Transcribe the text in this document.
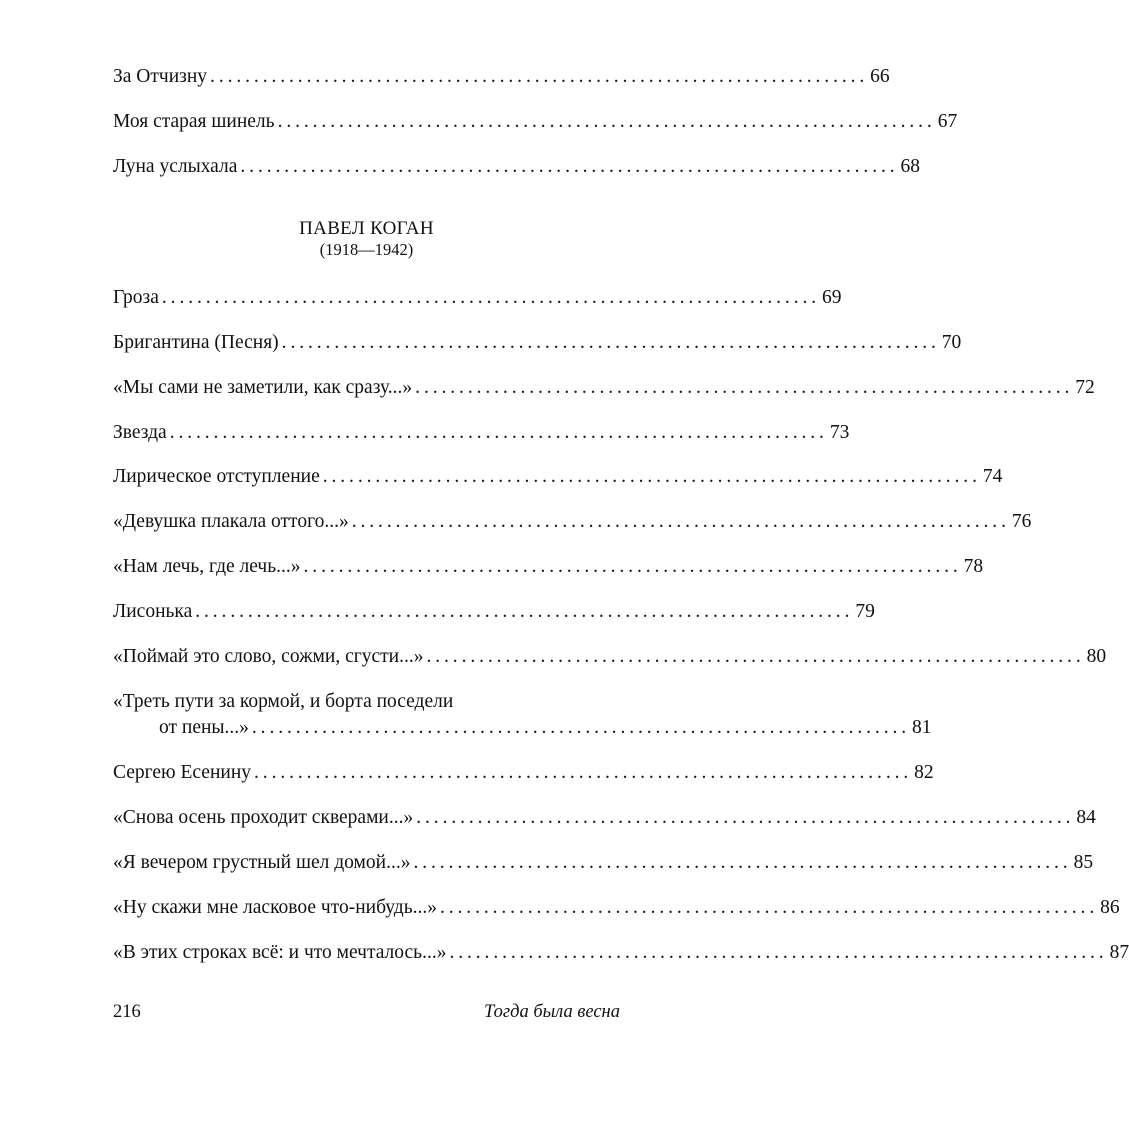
За Отчизну ........................................................................... 66
Моя старая шинель ........................................................................... 67
Луна услыхала ........................................................................... 68
ПАВЕЛ КОГАН
(1918—1942)
Гроза ........................................................................... 69
Бригантина (Песня) ........................................................................... 70
«Мы сами не заметили, как сразу...» ........................................................................... 72
Звезда ........................................................................... 73
Лирическое отступление ........................................................................... 74
«Девушка плакала оттого...» ........................................................................... 76
«Нам лечь, где лечь...» ........................................................................... 78
Лисонька ........................................................................... 79
«Поймай это слово, сожми, сгусти...» ........................................................................... 80
«Треть пути за кормой, и борта поседели
от пены...» ........................................................................... 81
Сергею Есенину ........................................................................... 82
«Снова осень проходит скверами...» ........................................................................... 84
«Я вечером грустный шел домой...» ........................................................................... 85
«Ну скажи мне ласковое что-нибудь...» ........................................................................... 86
«В этих строках всё: и что мечталось...» ........................................................................... 87
216	Тогда была весна
